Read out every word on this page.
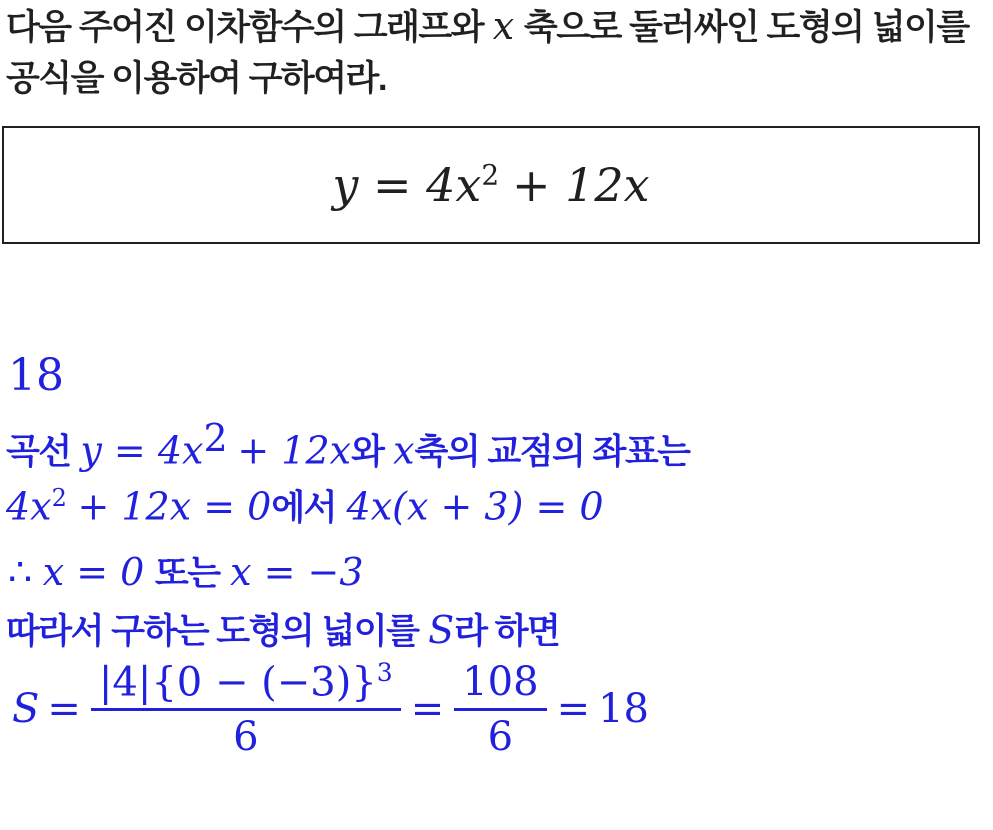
다음 주어진 이차함수의 그래프와 x 축으로 둘러싸인 도형의 넓이를
공식을 이용하여 구하여라.
$y = 4x^2 + 12x$
18
곡선 $y = 4x^2 + 12x$와 x축의 교점의 좌표는
$4x^2 + 12x = 0$에서 4x(x + 3) = 0
∴ x = 0 또는 x = −3
따라서 구하는 도형의 넓이를 S라 하면
$S = \frac{|4|\{0 - (-3)\}^3}{6} = \frac{108}{6} = 18$
